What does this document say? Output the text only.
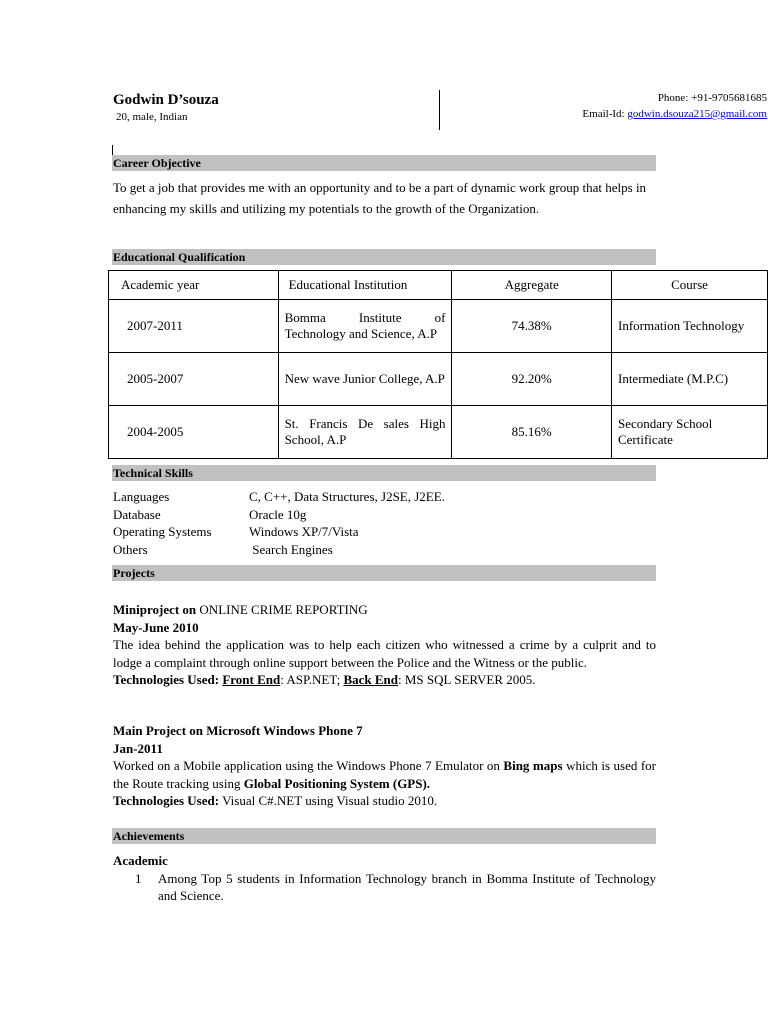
Godwin D’souza
20, male, Indian
Phone: +91-9705681685
Email-Id: godwin.dsouza215@gmail.com
Career Objective
To get a job that provides me with an opportunity and to be a part of dynamic work group that helps in enhancing my skills and utilizing my potentials to the growth of the Organization.
Educational Qualification
Academic year	Educational Institution	Aggregate	Course
2007-2011	Bomma Institute of Technology and Science, A.P	74.38%	Information Technology
2005-2007	New wave Junior College, A.P	92.20%	Intermediate (M.P.C)
2004-2005	St. Francis De sales High School, A.P	85.16%	Secondary School Certificate
Technical Skills
Languages	C, C++, Data Structures, J2SE, J2EE.
Database	Oracle 10g
Operating Systems	Windows XP/7/Vista
Others	Search Engines
Projects
Miniproject on ONLINE CRIME REPORTING
May-June 2010
The idea behind the application was to help each citizen who witnessed a crime by a culprit and to lodge a complaint through online support between the Police and the Witness or the public.
Technologies Used: Front End: ASP.NET; Back End: MS SQL SERVER 2005.
Main Project on Microsoft Windows Phone 7
Jan-2011
Worked on a Mobile application using the Windows Phone 7 Emulator on Bing maps which is used for the Route tracking using Global Positioning System (GPS).
Technologies Used: Visual C#.NET using Visual studio 2010.
Achievements
Academic
1 Among Top 5 students in Information Technology branch in Bomma Institute of Technology and Science.
